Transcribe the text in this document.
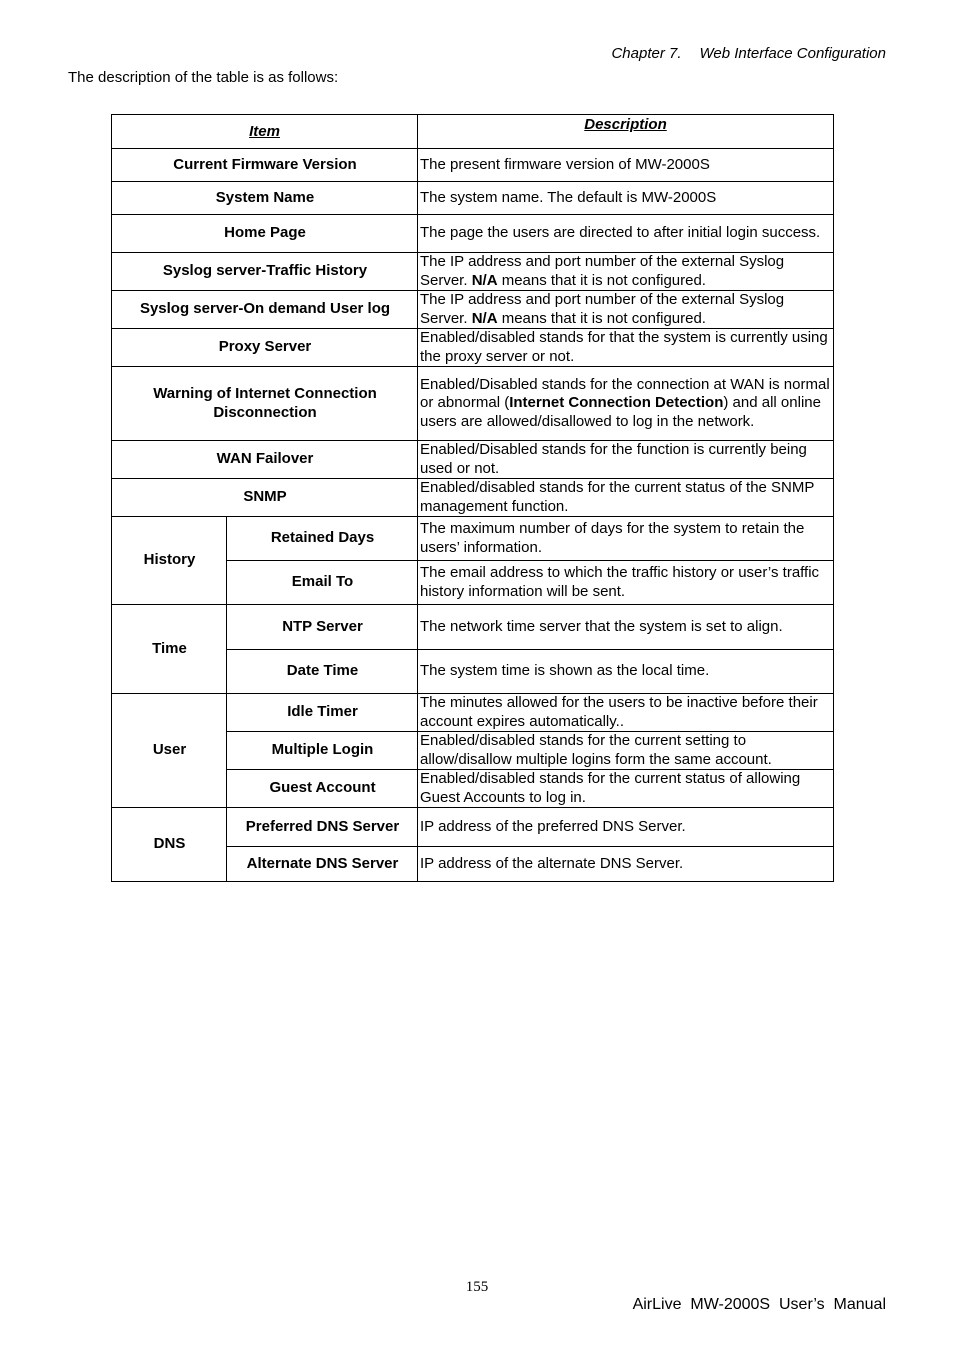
Chapter 7. Web Interface Configuration
The description of the table is as follows:
Item		Description
Current Firmware Version		The present firmware version of MW-2000S
System Name		The system name. The default is MW-2000S
Home Page		The page the users are directed to after initial login success.
Syslog server-Traffic History		The IP address and port number of the external Syslog Server. N/A means that it is not configured.
Syslog server-On demand User log		The IP address and port number of the external Syslog Server. N/A means that it is not configured.
Proxy Server		Enabled/disabled stands for that the system is currently using the proxy server or not.
Warning of Internet Connection Disconnection		Enabled/Disabled stands for the connection at WAN is normal or abnormal (Internet Connection Detection) and all online users are allowed/disallowed to log in the network.
WAN Failover		Enabled/Disabled stands for the function is currently being used or not.
SNMP		Enabled/disabled stands for the current status of the SNMP management function.
History	Retained Days	The maximum number of days for the system to retain the users’ information.
	Email To	The email address to which the traffic history or user’s traffic history information will be sent.
Time	NTP Server	The network time server that the system is set to align.
	Date Time	The system time is shown as the local time.
User	Idle Timer	The minutes allowed for the users to be inactive before their account expires automatically..
	Multiple Login	Enabled/disabled stands for the current setting to allow/disallow multiple logins form the same account.
	Guest Account	Enabled/disabled stands for the current status of allowing Guest Accounts to log in.
DNS	Preferred DNS Server	IP address of the preferred DNS Server.
	Alternate DNS Server	IP address of the alternate DNS Server.
155
AirLive  MW-2000S  User’s  Manual
